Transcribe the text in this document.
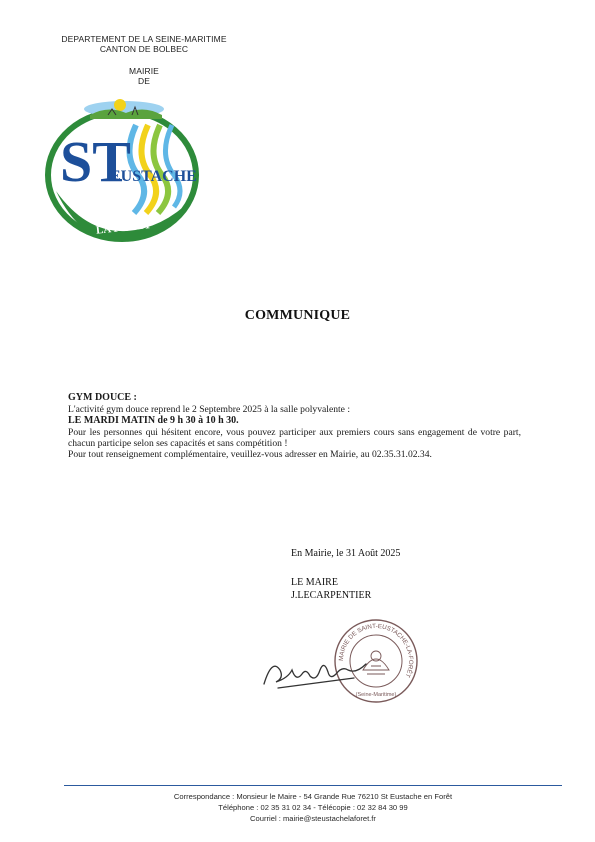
DEPARTEMENT DE LA SEINE-MARITIME
CANTON DE BOLBEC
MAIRIE
DE
ST
EUSTACHE
LA FORÊT
COMMUNIQUE
GYM DOUCE :
L'activité gym douce reprend le 2 Septembre 2025 à la salle polyvalente :
LE MARDI MATIN de 9 h 30 à 10 h 30.
Pour les personnes qui hésitent encore, vous pouvez participer aux premiers cours sans engagement de votre part, chacun participe selon ses capacités et sans compétition !
Pour tout renseignement complémentaire, veuillez-vous adresser en Mairie, au 02.35.31.02.34.
En Mairie, le 31 Août 2025
LE MAIRE
J.LECARPENTIER
MAIRIE DE SAINT-EUSTACHE-LA-FORÊT
(Seine-Maritime)
Correspondance : Monsieur le Maire - 54 Grande Rue 76210 St Eustache en Forêt
Téléphone : 02 35 31 02 34 - Télécopie : 02 32 84 30 99
Courriel : mairie@steustachelaforet.fr
